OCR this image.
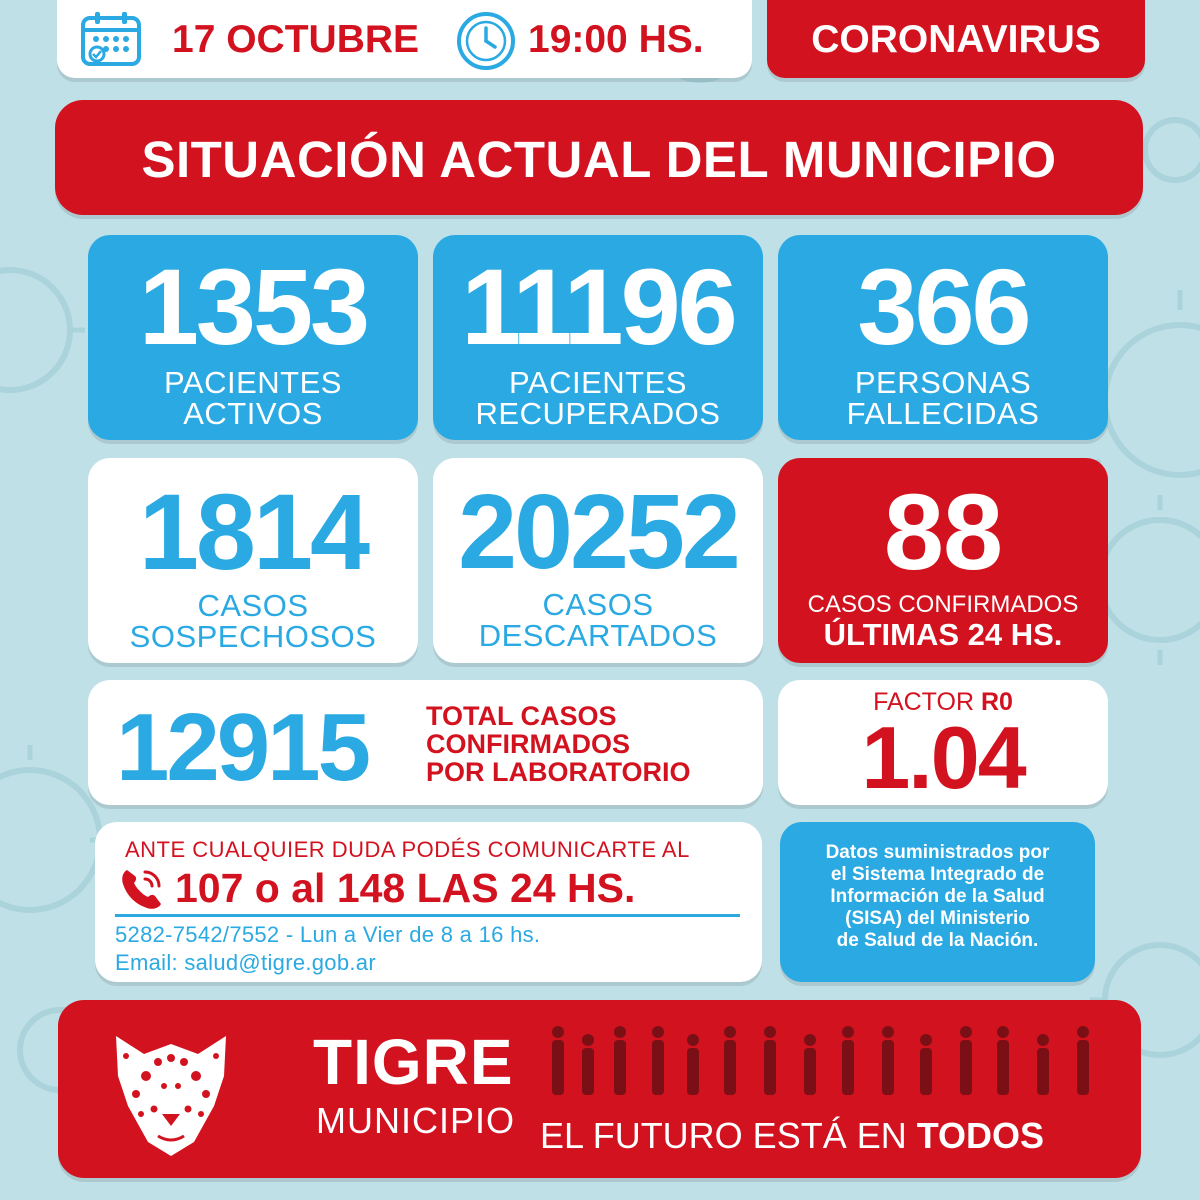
17 OCTUBRE	19:00 HS.	CORONAVIRUS
SITUACIÓN ACTUAL DEL MUNICIPIO
1353
PACIENTES
ACTIVOS
11196
PACIENTES
RECUPERADOS
366
PERSONAS
FALLECIDAS
1814
CASOS
SOSPECHOSOS
20252
CASOS
DESCARTADOS
88
CASOS CONFIRMADOS
ÚLTIMAS 24 HS.
12915 TOTAL CASOS
CONFIRMADOS
POR LABORATORIO
FACTOR R0
1.04
ANTE CUALQUIER DUDA PODÉS COMUNICARTE AL
107 o al 148 LAS 24 HS.
5282-7542/7552 - Lun a Vier de 8 a 16 hs.
Email: salud@tigre.gob.ar
Datos suministrados por
el Sistema Integrado de
Información de la Salud
(SISA) del Ministerio
de Salud de la Nación.
TIGRE
MUNICIPIO EL FUTURO ESTÁ EN TODOS
